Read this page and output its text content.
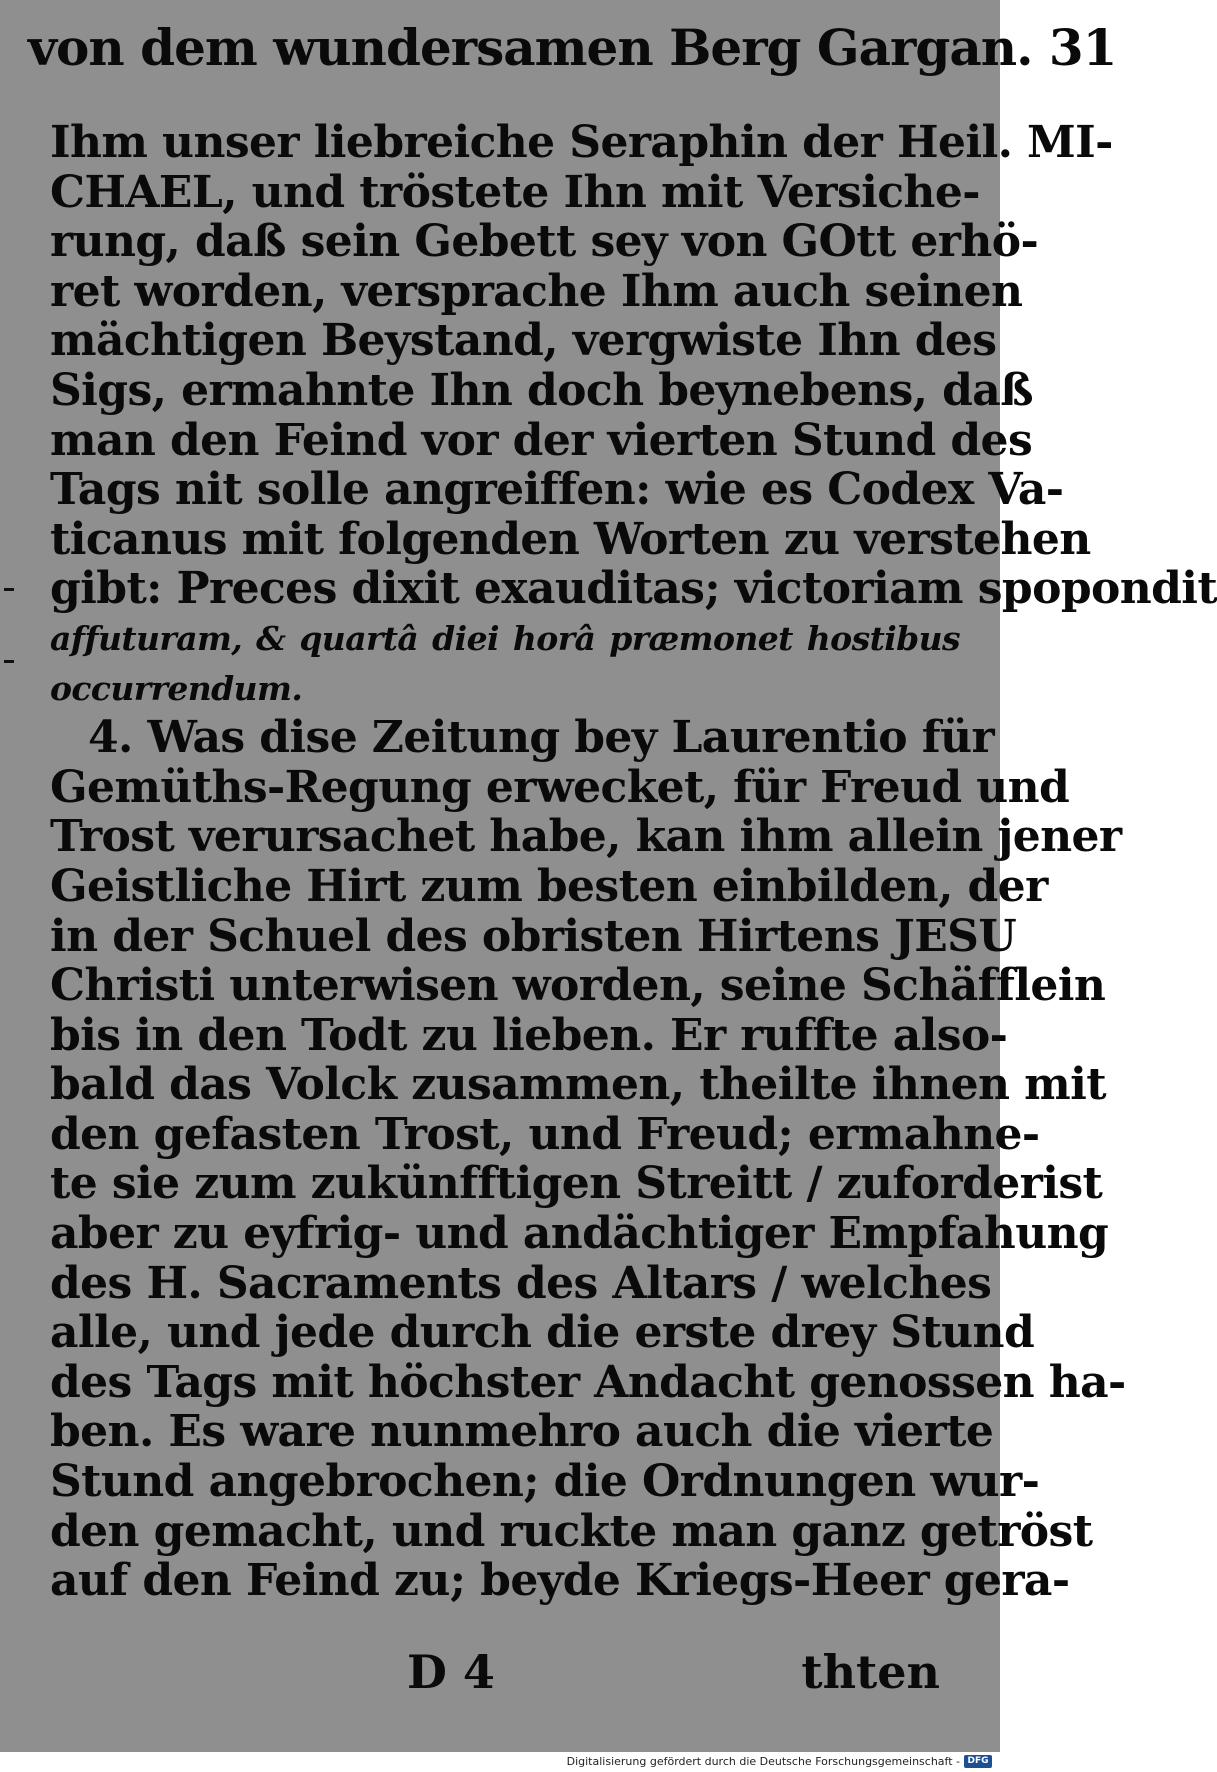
von dem wundersamen Berg Gargan. 31
Ihm unser liebreiche Seraphin der Heil. MI-
CHAEL, und tröstete Ihn mit Versiche-
rung, daß sein Gebett sey von GOtt erhö-
ret worden, versprache Ihm auch seinen
mächtigen Beystand, vergwiste Ihn des
Sigs, ermahnte Ihn doch beynebens, daß
man den Feind vor der vierten Stund des
Tags nit solle angreiffen: wie es Codex Va-
ticanus mit folgenden Worten zu verstehen
gibt: Preces dixit exauditas; victoriam spopondit
affuturam, & quartâ diei horâ præmonet hostibus
occurrendum.
4. Was dise Zeitung bey Laurentio für
Gemüths-Regung erwecket, für Freud und
Trost verursachet habe, kan ihm allein jener
Geistliche Hirt zum besten einbilden, der
in der Schuel des obristen Hirtens JESU
Christi unterwisen worden, seine Schäfflein
bis in den Todt zu lieben. Er ruffte also-
bald das Volck zusammen, theilte ihnen mit
den gefasten Trost, und Freud; ermahne-
te sie zum zukünfftigen Streitt / zuforderist
aber zu eyfrig- und andächtiger Empfahung
des H. Sacraments des Altars / welches
alle, und jede durch die erste drey Stund
des Tags mit höchster Andacht genossen ha-
ben. Es ware nunmehro auch die vierte
Stund angebrochen; die Ordnungen wur-
den gemacht, und ruckte man ganz getröst
auf den Feind zu; beyde Kriegs-Heer gera-
D 4	thten
Digitalisierung gefördert durch die Deutsche Forschungsgemeinschaft - DFG
